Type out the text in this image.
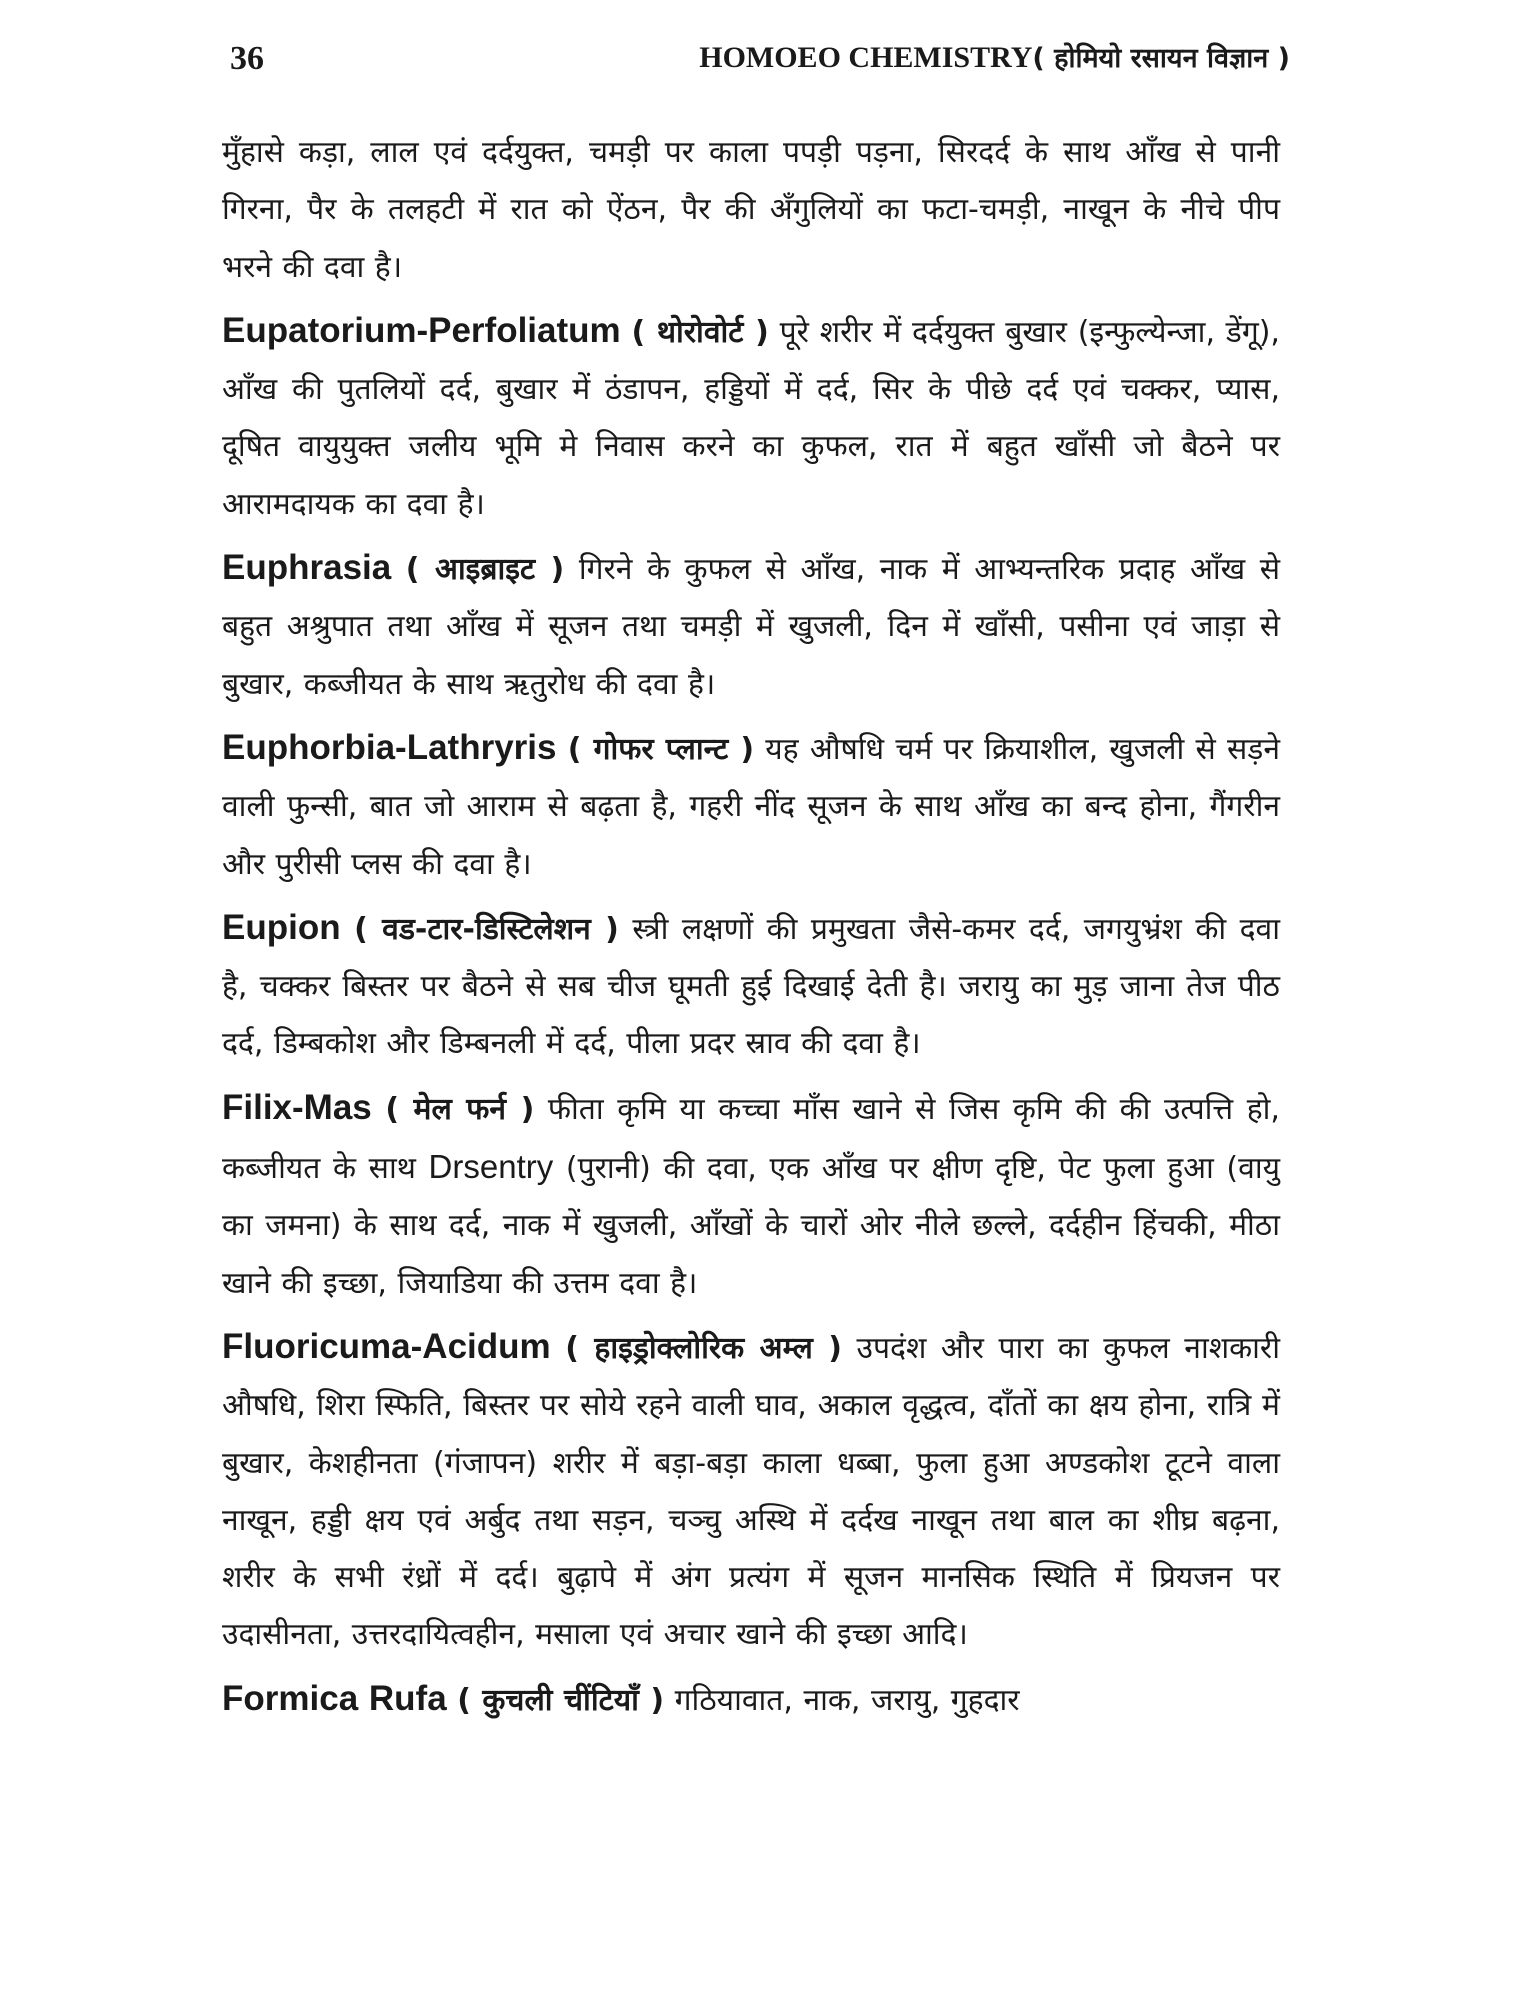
36	HOMOEO CHEMISTRY( होमियो रसायन विज्ञान )

मुँहासे कड़ा, लाल एवं दर्दयुक्त, चमड़ी पर काला पपड़ी पड़ना, सिरदर्द के साथ आँख से पानी गिरना, पैर के तलहटी में रात को ऐंठन, पैर की अँगुलियों का फटा-चमड़ी, नाखून के नीचे पीप भरने की दवा है।

Eupatorium-Perfoliatum ( थोरोवोर्ट ) पूरे शरीर में दर्दयुक्त बुखार (इन्फुल्येन्जा, डेंगू), आँख की पुतलियों दर्द, बुखार में ठंडापन, हड्डियों में दर्द, सिर के पीछे दर्द एवं चक्कर, प्यास, दूषित वायुयुक्त जलीय भूमि मे निवास करने का कुफल, रात में बहुत खाँसी जो बैठने पर आरामदायक का दवा है।

Euphrasia ( आइब्राइट ) गिरने के कुफल से आँख, नाक में आभ्यन्तरिक प्रदाह आँख से बहुत अश्रुपात तथा आँख में सूजन तथा चमड़ी में खुजली, दिन में खाँसी, पसीना एवं जाड़ा से बुखार, कब्जीयत के साथ ऋतुरोध की दवा है।

Euphorbia-Lathryris ( गोफर प्लान्ट ) यह औषधि चर्म पर क्रियाशील, खुजली से सड़ने वाली फुन्सी, बात जो आराम से बढ़ता है, गहरी नींद सूजन के साथ आँख का बन्द होना, गैंगरीन और पुरीसी प्लस की दवा है।

Eupion ( वड-टार-डिस्टिलेशन ) स्त्री लक्षणों की प्रमुखता जैसे-कमर दर्द, जगयुभ्रंश की दवा है, चक्कर बिस्तर पर बैठने से सब चीज घूमती हुई दिखाई देती है। जरायु का मुड़ जाना तेज पीठ दर्द, डिम्बकोश और डिम्बनली में दर्द, पीला प्रदर स्राव की दवा है।

Filix-Mas ( मेल फर्न ) फीता कृमि या कच्चा माँस खाने से जिस कृमि की की उत्पत्ति हो, कब्जीयत के साथ Drsentry (पुरानी) की दवा, एक आँख पर क्षीण दृष्टि, पेट फुला हुआ (वायु का जमना) के साथ दर्द, नाक में खुजली, आँखों के चारों ओर नीले छल्ले, दर्दहीन हिंचकी, मीठा खाने की इच्छा, जियाडिया की उत्तम दवा है।

Fluoricuma-Acidum ( हाइड्रोक्लोरिक अम्ल ) उपदंश और पारा का कुफल नाशकारी औषधि, शिरा स्फिति, बिस्तर पर सोये रहने वाली घाव, अकाल वृद्धत्व, दाँतों का क्षय होना, रात्रि में बुखार, केशहीनता (गंजापन) शरीर में बड़ा-बड़ा काला धब्बा, फुला हुआ अण्डकोश टूटने वाला नाखून, हड्डी क्षय एवं अर्बुद तथा सड़न, चञ्चु अस्थि में दर्दख नाखून तथा बाल का शीघ्र बढ़ना, शरीर के सभी रंध्रों में दर्द। बुढ़ापे में अंग प्रत्यंग में सूजन मानसिक स्थिति में प्रियजन पर उदासीनता, उत्तरदायित्वहीन, मसाला एवं अचार खाने की इच्छा आदि।

Formica Rufa ( कुचली चींटियाँ ) गठियावात, नाक, जरायु, गुहदार
